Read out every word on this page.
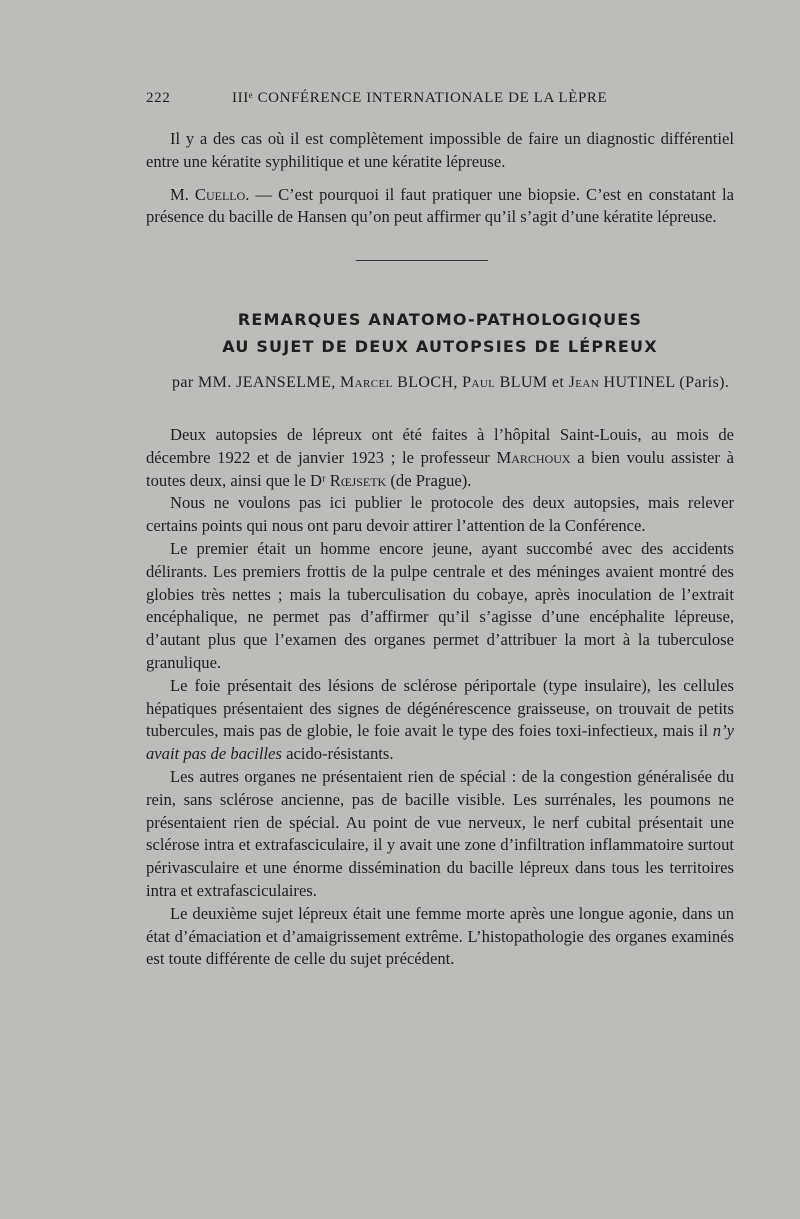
222	IIIᵉ CONFÉRENCE INTERNATIONALE DE LA LÈPRE

Il y a des cas où il est complètement impossible de faire un diagnostic différentiel entre une kératite syphilitique et une kératite lépreuse.

M. Cuello. — C’est pourquoi il faut pratiquer une biopsie. C’est en constatant la présence du bacille de Hansen qu’on peut affirmer qu’il s’agit d’une kératite lépreuse.

REMARQUES ANATOMO-PATHOLOGIQUES
AU SUJET DE DEUX AUTOPSIES DE LÉPREUX
par MM. JEANSELME, Marcel BLOCH, Paul BLUM et Jean HUTINEL (Paris).

Deux autopsies de lépreux ont été faites à l’hôpital Saint-Louis, au mois de décembre 1922 et de janvier 1923 ; le professeur Marchoux a bien voulu assister à toutes deux, ainsi que le Dʳ Rœjsetk (de Prague).

Nous ne voulons pas ici publier le protocole des deux autopsies, mais relever certains points qui nous ont paru devoir attirer l’attention de la Conférence.

Le premier était un homme encore jeune, ayant succombé avec des accidents délirants. Les premiers frottis de la pulpe centrale et des méninges avaient montré des globies très nettes ; mais la tuberculisation du cobaye, après inoculation de l’extrait encéphalique, ne permet pas d’affirmer qu’il s’agisse d’une encéphalite lépreuse, d’autant plus que l’examen des organes permet d’attribuer la mort à la tuberculose granulique.

Le foie présentait des lésions de sclérose périportale (type insulaire), les cellules hépatiques présentaient des signes de dégénérescence graisseuse, on trouvait de petits tubercules, mais pas de globie, le foie avait le type des foies toxi-infectieux, mais il n’y avait pas de bacilles acido-résistants.

Les autres organes ne présentaient rien de spécial : de la congestion généralisée du rein, sans sclérose ancienne, pas de bacille visible. Les surrénales, les poumons ne présentaient rien de spécial. Au point de vue nerveux, le nerf cubital présentait une sclérose intra et extrafasciculaire, il y avait une zone d’infiltration inflammatoire surtout périvasculaire et une énorme dissémination du bacille lépreux dans tous les territoires intra et extrafasciculaires.

Le deuxième sujet lépreux était une femme morte après une longue agonie, dans un état d’émaciation et d’amaigrissement extrême. L’histopathologie des organes examinés est toute différente de celle du sujet précédent.
